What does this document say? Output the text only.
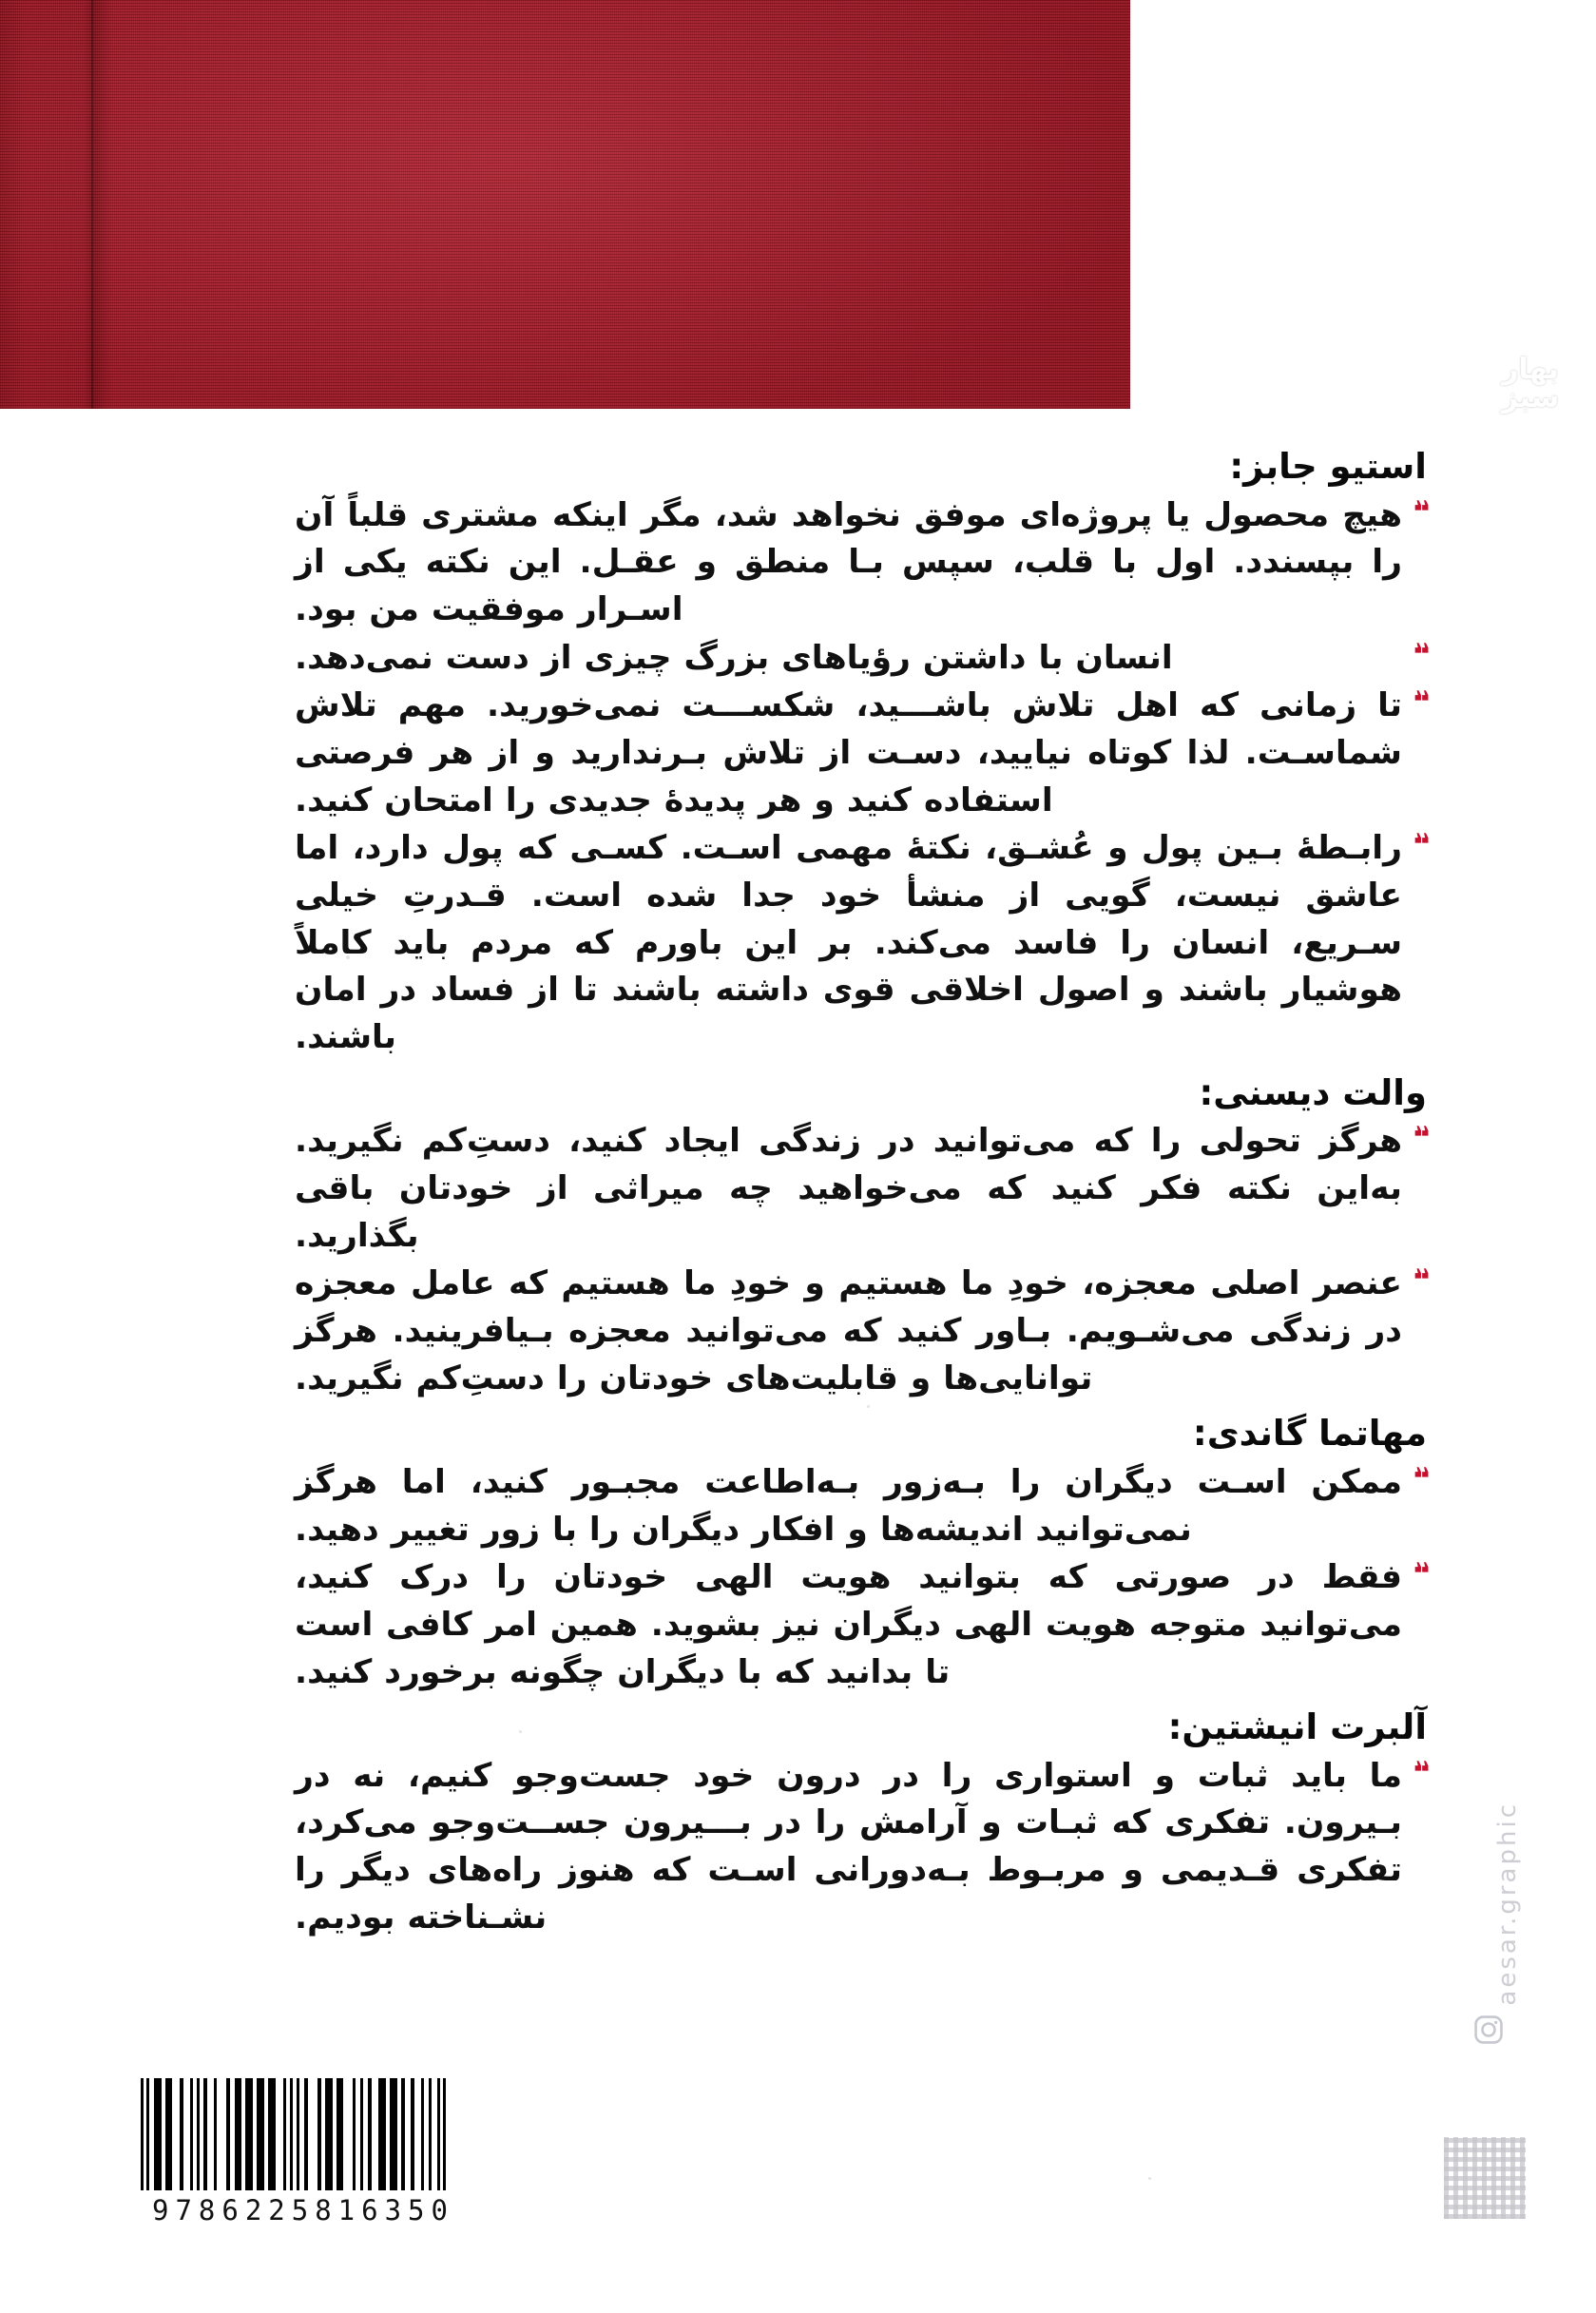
بهار سبز
استیو جابز:

❝ هیچ محصول یا پروژه‌ای موفق نخواهد شد، مگر اینکه مشتری قلباً آن را بپسندد. اول با قلب، سپس بـا منطق و عقـل. این نکته یکی از اسـرار موفقیت من بود.

❝ انسان با داشتن رؤیاهای بزرگ چیزی از دست نمی‌دهد.

❝ تا زمانی که اهل تلاش باشـــید، شکســـت نمی‌خورید. مهم تلاش شماسـت. لذا کوتاه نیایید، دسـت از تلاش بـرندارید و از هر فرصتی استفاده کنید و هر پدیدهٔ جدیدی را امتحان کنید.

❝ رابـطهٔ بـین پول و عُشـق، نکتهٔ مهمی اسـت. کسـی که پول دارد، اما عاشق نیست، گویی از منشأ خود جدا شده است. قـدرتِ خیلی سـریع، انسان را فاسد می‌کند. بر این باورم که مردم باید کاملاً هوشیار باشند و اصول اخلاقی قوی داشته باشند تا از فساد در امان باشند.

والت دیسنی:

❝ هرگز تحولی را که می‌توانید در زندگی ایجاد کنید، دستِ‌کم نگیرید. به‌این نکته فکر کنید که می‌خواهید چه میراثی از خودتان باقی بگذارید.

❝ عنصر اصلی معجزه، خودِ ما هستیم و خودِ ما هستیم که عامل معجزه در زندگی می‌شـویم. بـاور کنید که می‌توانید معجزه بـیافرینید. هرگز توانایی‌ها و قابلیت‌های خودتان را دستِ‌کم نگیرید.

مهاتما گاندی:

❝ ممکن اسـت دیگران را بـه‌زور بـه‌اطاعت مجبـور کنید، اما هرگز نمی‌توانید اندیشه‌ها و افکار دیگران را با زور تغییر دهید.

❝ فقط در صورتی که بتوانید هویت الهی خودتان را درک کنید، می‌توانید متوجه هویت الهی دیگران نیز بشوید. همین امر کافی است تا بدانید که با دیگران چگونه برخورد کنید.

آلبرت انیشتین:

❝ ما باید ثبات و استواری را در درون خود جست‌وجو کنیم، نه در بـیرون. تفکری که ثبـات و آرامش را در بـــیرون جســت‌وجو می‌کرد، تفکری قـدیمی و مربـوط بـه‌دورانی اسـت که هنوز راه‌های دیگر را نشـناخته بودیم.

9786225816350
aesar.graphic
